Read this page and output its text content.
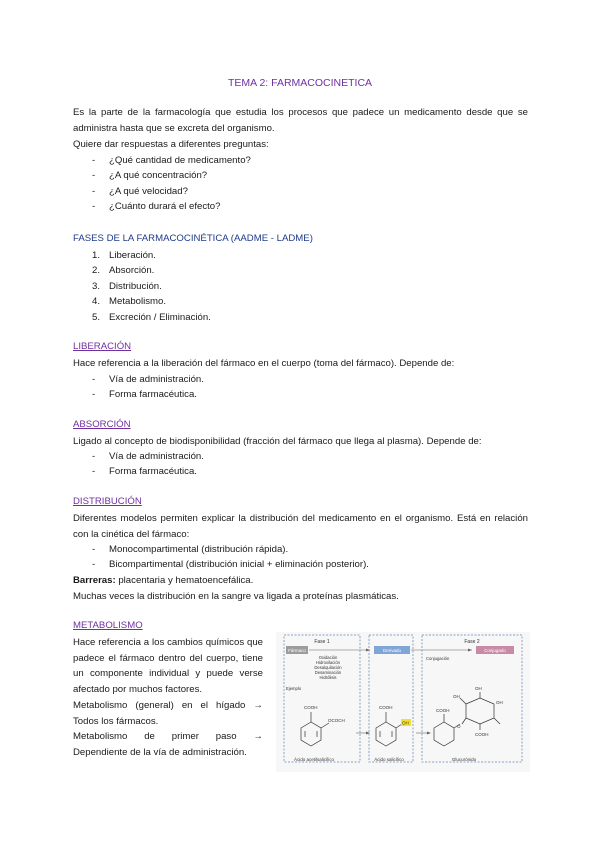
TEMA 2: FARMACOCINETICA
Es la parte de la farmacología que estudia los procesos que padece un medicamento desde que se administra hasta que se excreta del organismo.
Quiere dar respuestas a diferentes preguntas:
- ¿Qué cantidad de medicamento?
- ¿A qué concentración?
- ¿A qué velocidad?
- ¿Cuánto durará el efecto?
FASES DE LA FARMACOCINÉTICA (AADME - LADME)
1. Liberación.
2. Absorción.
3. Distribución.
4. Metabolismo.
5. Excreción / Eliminación.
LIBERACIÓN
Hace referencia a la liberación del fármaco en el cuerpo (toma del fármaco). Depende de:
- Vía de administración.
- Forma farmacéutica.
ABSORCIÓN
Ligado al concepto de biodisponibilidad (fracción del fármaco que llega al plasma). Depende de:
- Vía de administración.
- Forma farmacéutica.
DISTRIBUCIÓN
Diferentes modelos permiten explicar la distribución del medicamento en el organismo. Está en relación con la cinética del fármaco:
- Monocompartimental (distribución rápida).
- Bicompartimental (distribución inicial + eliminación posterior).
Barreras: placentaria y hematoencefálica.
Muchas veces la distribución en la sangre va ligada a proteínas plasmáticas.
METABOLISMO
Hace referencia a los cambios químicos que padece el fármaco dentro del cuerpo, tiene un componente individual y puede verse afectado por muchos factores.
Metabolismo (general) en el hígado → Todos los fármacos.
Metabolismo de primer paso → Dependiente de la vía de administración.
Fase 1	Fase 2
Fármaco	Derivado	Conjugado
Conjugación
Oxidación
Hidroxilación
Desalquilación
Desaminación
Hidrólisis
Ejemplo
COOH
OCOCH
COOH
OH
COOH
O
OH
OH
OH
COOH
Ácido acetilsalicílico	Ácido salicílico	Glucurónido
